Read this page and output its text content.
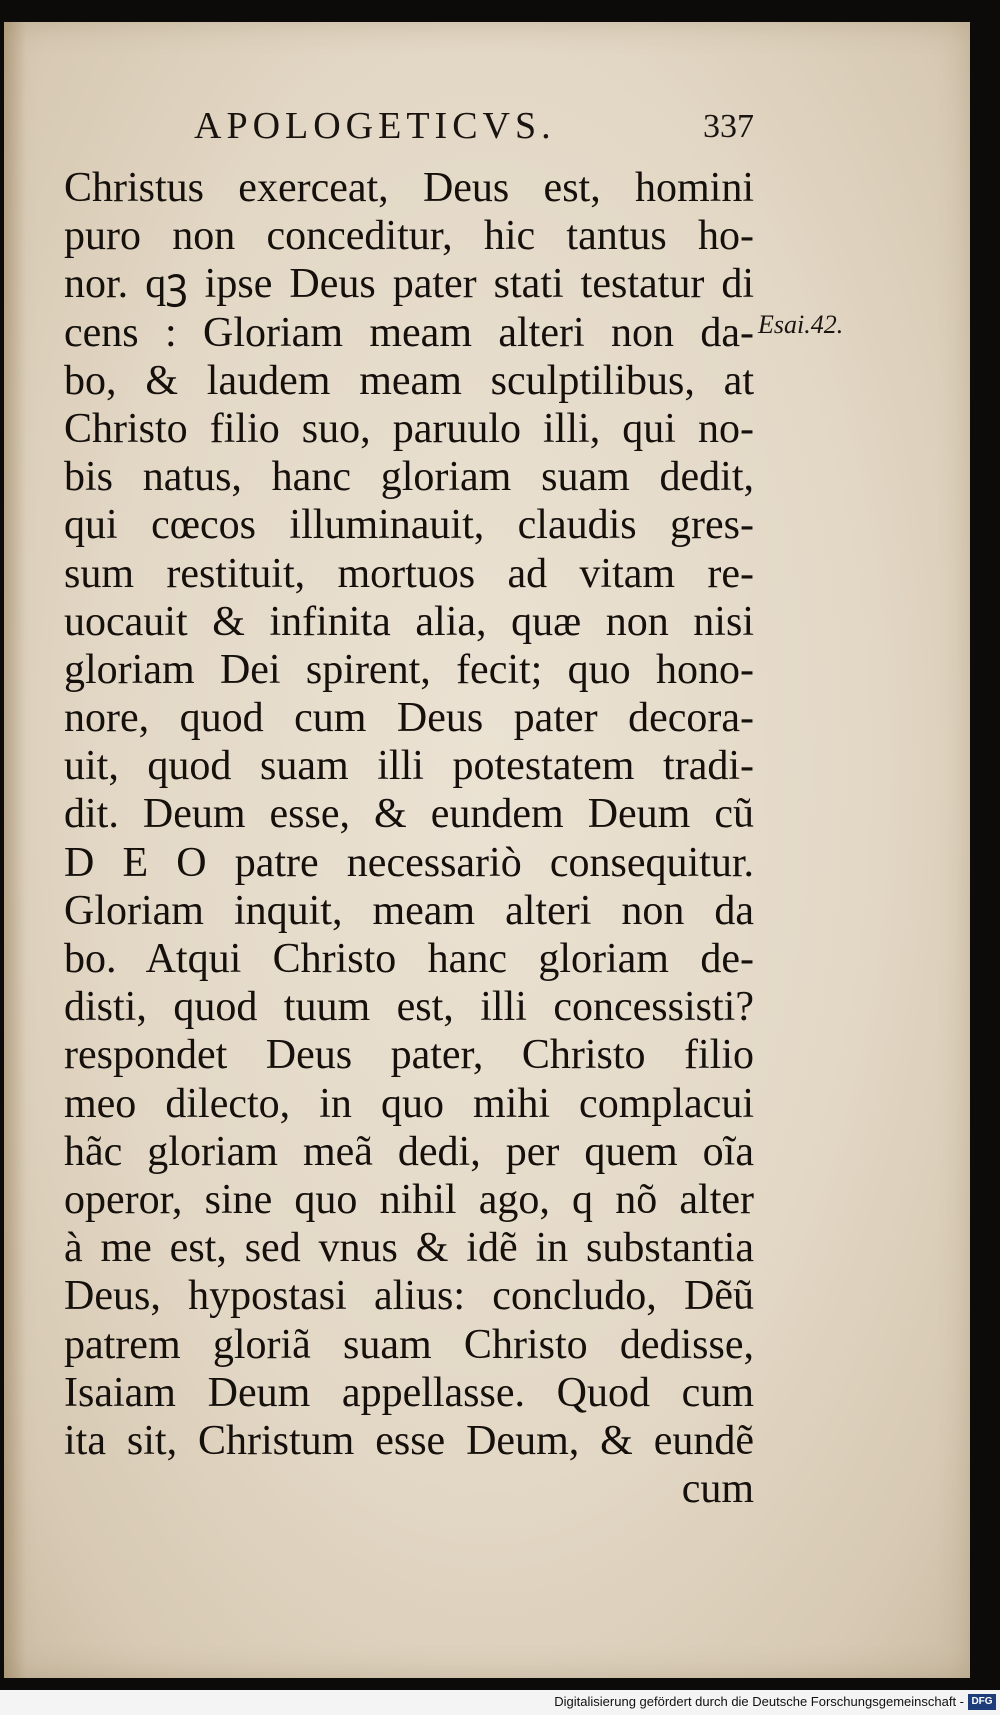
APOLOGETICVS.	337
Esai.42.
Christus exerceat, Deus est, homini
puro non conceditur, hic tantus ho-
nor. qꝫ ipse Deus pater stati testatur di
cens : Gloriam meam alteri non da-
bo, & laudem meam sculptilibus, at
Christo filio suo, paruulo illi, qui no-
bis natus, hanc gloriam suam dedit,
qui cœcos illuminauit, claudis gres-
sum restituit, mortuos ad vitam re-
uocauit & infinita alia, quæ non nisi
gloriam Dei spirent, fecit; quo hono-
nore, quod cum Deus pater decora-
uit, quod suam illi potestatem tradi-
dit. Deum esse, & eundem Deum cũ
D E O patre necessariò consequitur.
Gloriam inquit, meam alteri non da
bo. Atqui Christo hanc gloriam de-
disti, quod tuum est, illi concessisti?
respondet Deus pater, Christo filio
meo dilecto, in quo mihi complacui
hãc gloriam meã dedi, per quem oĩa
operor, sine quo nihil ago, q nõ alter
à me est, sed vnus & idẽ in substantia
Deus, hypostasi alius: concludo, Dẽũ
patrem gloriã suam Christo dedisse,
Isaiam Deum appellasse. Quod cum
ita sit, Christum esse Deum, & eundẽ
cum
Digitalisierung gefördert durch die Deutsche Forschungsgemeinschaft - DFG
